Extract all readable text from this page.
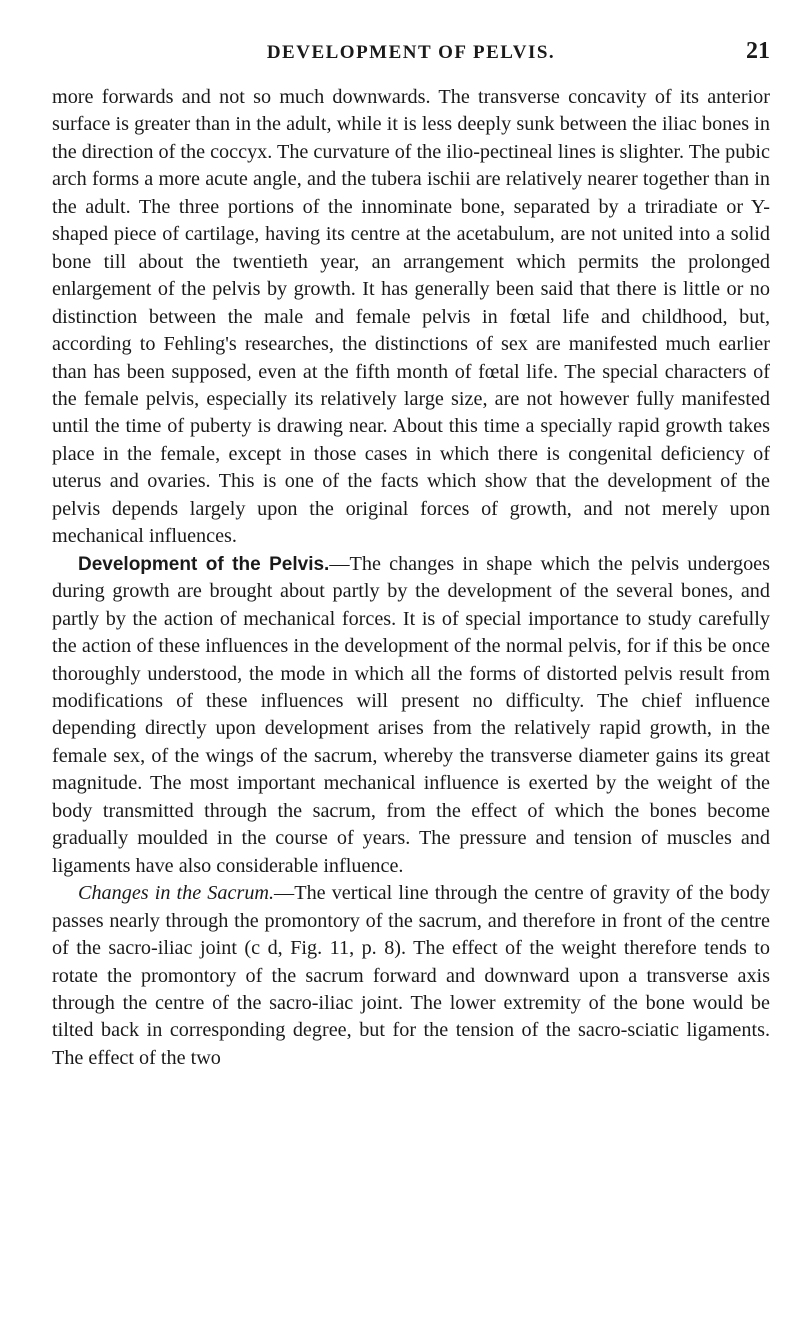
DEVELOPMENT OF PELVIS.	21

more forwards and not so much downwards. The transverse concavity of its anterior surface is greater than in the adult, while it is less deeply sunk between the iliac bones in the direction of the coccyx. The curvature of the ilio-pectineal lines is slighter. The pubic arch forms a more acute angle, and the tubera ischii are relatively nearer together than in the adult. The three portions of the innominate bone, separated by a triradiate or Y-shaped piece of cartilage, having its centre at the acetabulum, are not united into a solid bone till about the twentieth year, an arrangement which permits the prolonged enlargement of the pelvis by growth. It has generally been said that there is little or no distinction between the male and female pelvis in fœtal life and childhood, but, according to Fehling's researches, the distinctions of sex are manifested much earlier than has been supposed, even at the fifth month of fœtal life. The special characters of the female pelvis, especially its relatively large size, are not however fully manifested until the time of puberty is drawing near. About this time a specially rapid growth takes place in the female, except in those cases in which there is congenital deficiency of uterus and ovaries. This is one of the facts which show that the development of the pelvis depends largely upon the original forces of growth, and not merely upon mechanical influences.

Development of the Pelvis.—The changes in shape which the pelvis undergoes during growth are brought about partly by the development of the several bones, and partly by the action of mechanical forces. It is of special importance to study carefully the action of these influences in the development of the normal pelvis, for if this be once thoroughly understood, the mode in which all the forms of distorted pelvis result from modifications of these influences will present no difficulty. The chief influence depending directly upon development arises from the relatively rapid growth, in the female sex, of the wings of the sacrum, whereby the transverse diameter gains its great magnitude. The most important mechanical influence is exerted by the weight of the body transmitted through the sacrum, from the effect of which the bones become gradually moulded in the course of years. The pressure and tension of muscles and ligaments have also considerable influence.

Changes in the Sacrum.—The vertical line through the centre of gravity of the body passes nearly through the promontory of the sacrum, and therefore in front of the centre of the sacro-iliac joint (c d, Fig. 11, p. 8). The effect of the weight therefore tends to rotate the promontory of the sacrum forward and downward upon a transverse axis through the centre of the sacro-iliac joint. The lower extremity of the bone would be tilted back in corresponding degree, but for the tension of the sacro-sciatic ligaments. The effect of the two
